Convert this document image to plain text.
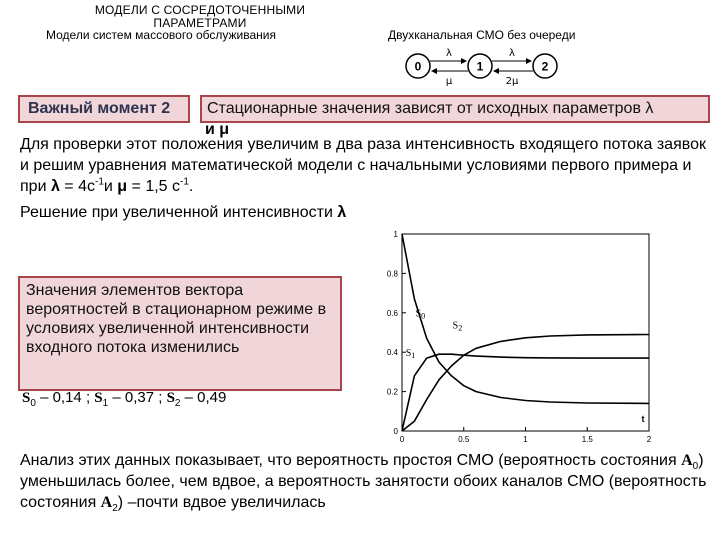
МОДЕЛИ С СОСРЕДОТОЧЕННЫМИ ПАРАМЕТРАМИ
Модели систем массового обслуживания	Двухканальная СМО без очереди
0	1	2
λ
μ
λ
2μ
Важный момент 2 Стационарные значения зависят от исходных параметров λ
и μ
Для проверки этот положения увеличим в два раза интенсивность входящего потока заявок и решим уравнения математической модели с начальными условиями первого примера и при $\lambda = 4с^{-1}и$ μ = 1,5 $с^{-1}$.
Решение при увеличенной интенсивности λ
0
0.2
0.4
0.6
0.8
1
0	0.5	1	1.5	2
t
$S_0$
$S_1$
$S_2$
Значения элементов вектора вероятностей в стационарном режиме в условиях увеличенной интенсивности входного потока изменились
$S_0 - 0,14$ ; $S_1 - 0,37$ ; $S_2 - 0,49$
Анализ этих данных показывает, что вероятность простоя СМО (вероятность состояния $A_0$) уменьшилась более, чем вдвое, а вероятность занятости обоих каналов СМО (вероятность состояния $A_2$) –почти вдвое увеличилась
